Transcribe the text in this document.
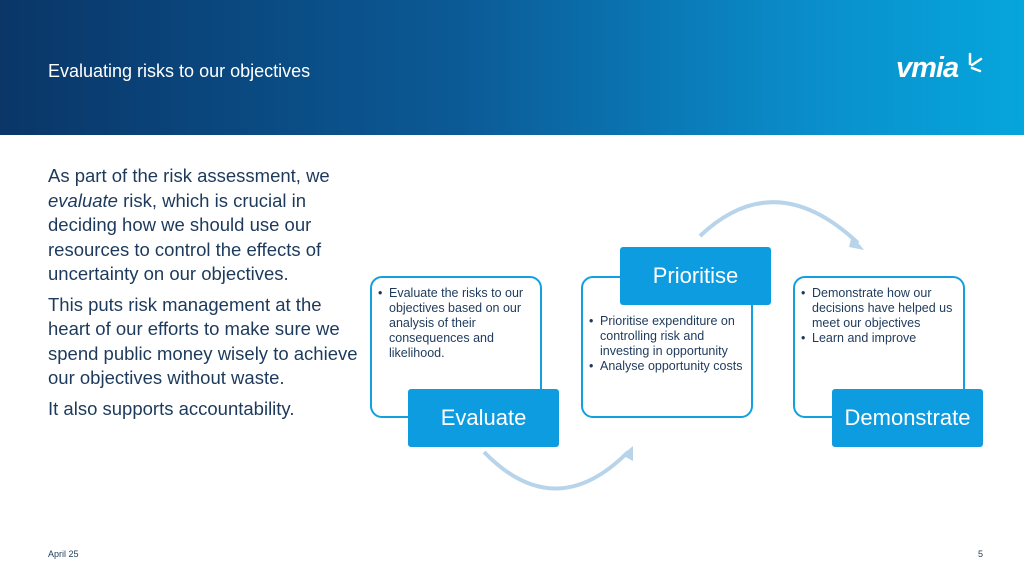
Evaluating risks to our objectives	vmia

As part of the risk assessment, we evaluate risk, which is crucial in deciding how we should use our resources to control the effects of uncertainty on our objectives.

This puts risk management at the heart of our efforts to make sure we spend public money wisely to achieve our objectives without waste.

It also supports accountability.

• Evaluate the risks to our objectives based on our analysis of their consequences and likelihood.
Evaluate
• Prioritise expenditure on controlling risk and investing in opportunity
• Analyse opportunity costs
Prioritise
• Demonstrate how our decisions have helped us meet our objectives
• Learn and improve
Demonstrate
April 25	5
